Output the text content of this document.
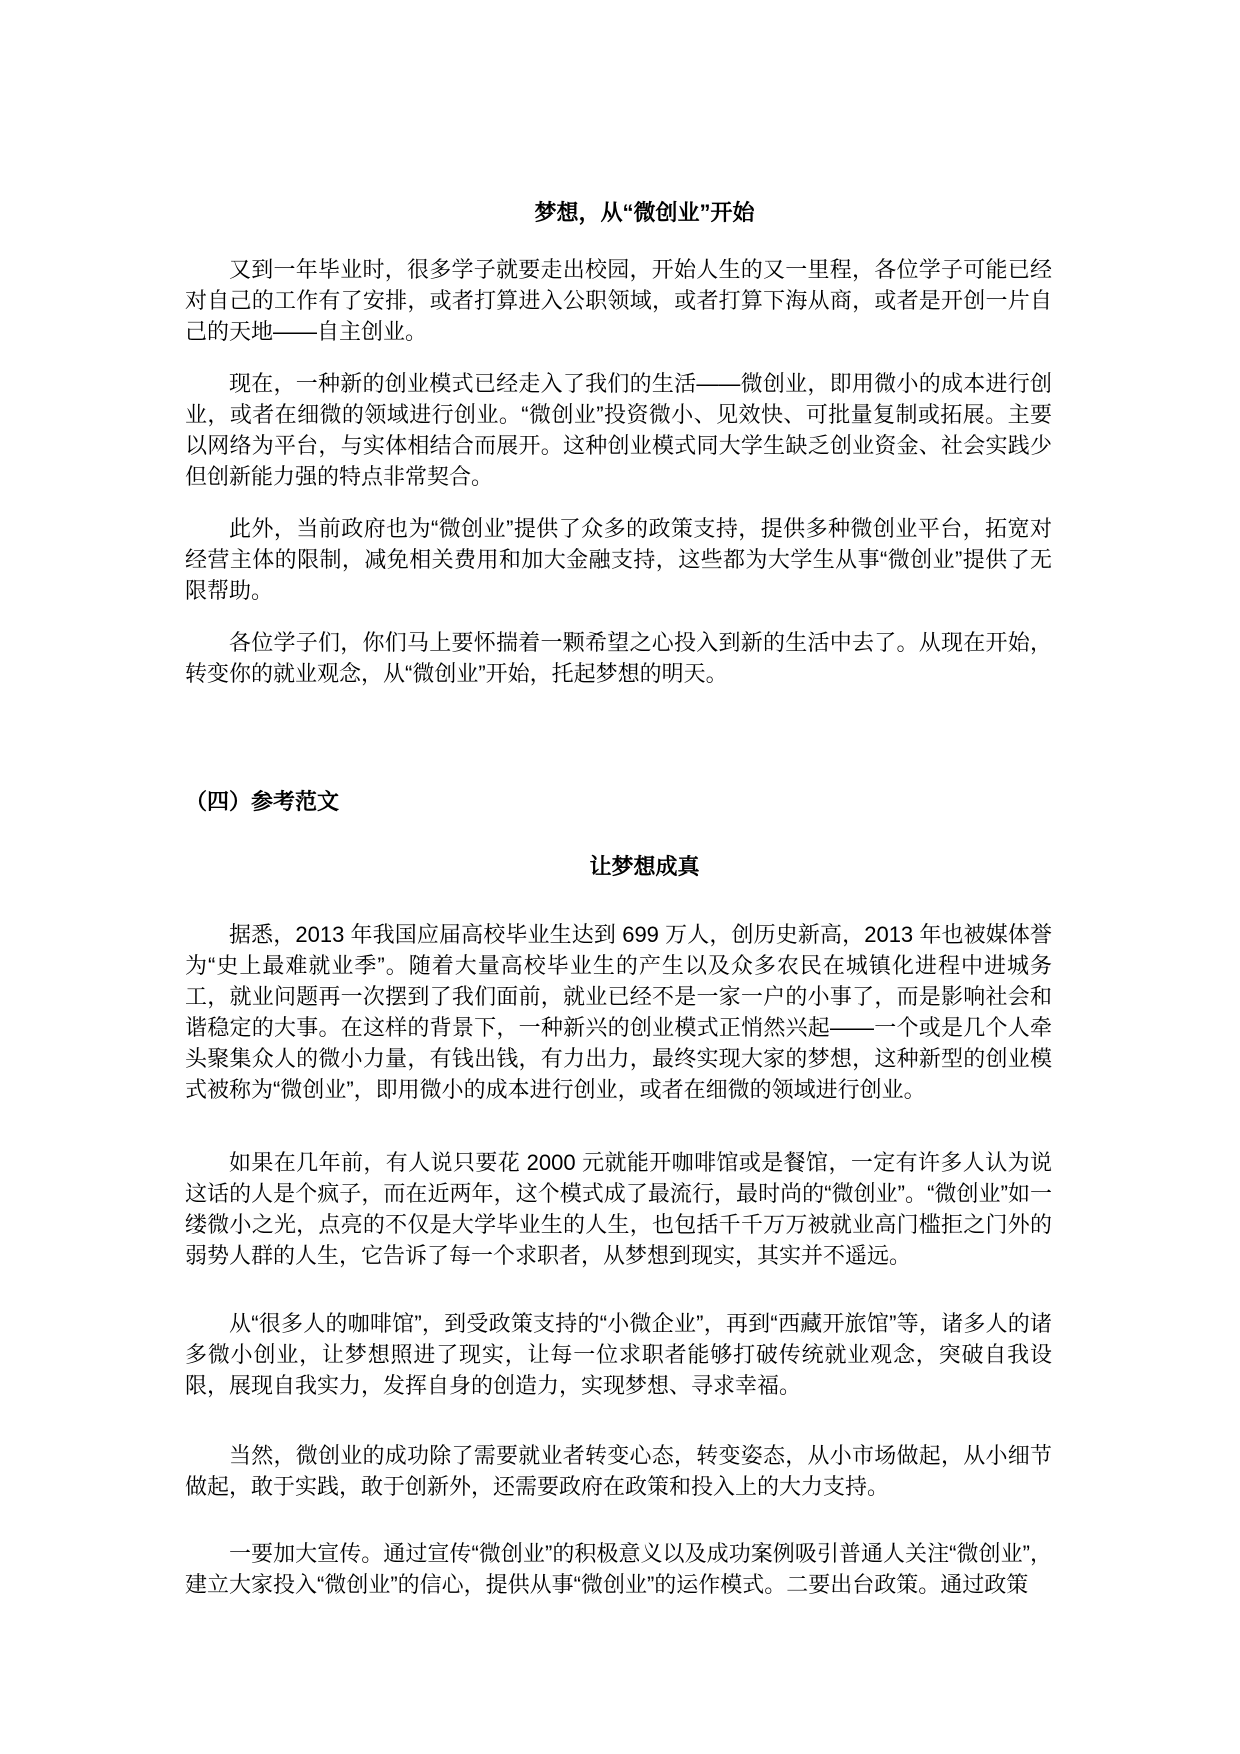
梦想，从“微创业”开始

又到一年毕业时，很多学子就要走出校园，开始人生的又一里程，各位学子可能已经对自己的工作有了安排，或者打算进入公职领域，或者打算下海从商，或者是开创一片自己的天地——自主创业。

现在，一种新的创业模式已经走入了我们的生活——微创业，即用微小的成本进行创业，或者在细微的领域进行创业。“微创业”投资微小、见效快、可批量复制或拓展。主要以网络为平台，与实体相结合而展开。这种创业模式同大学生缺乏创业资金、社会实践少但创新能力强的特点非常契合。

此外，当前政府也为“微创业”提供了众多的政策支持，提供多种微创业平台，拓宽对经营主体的限制，减免相关费用和加大金融支持，这些都为大学生从事“微创业”提供了无限帮助。

各位学子们，你们马上要怀揣着一颗希望之心投入到新的生活中去了。从现在开始，转变你的就业观念，从“微创业”开始，托起梦想的明天。

（四）参考范文
让梦想成真

据悉，2013 年我国应届高校毕业生达到 699 万人，创历史新高，2013 年也被媒体誉为“史上最难就业季”。随着大量高校毕业生的产生以及众多农民在城镇化进程中进城务工，就业问题再一次摆到了我们面前，就业已经不是一家一户的小事了，而是影响社会和谐稳定的大事。在这样的背景下，一种新兴的创业模式正悄然兴起——一个或是几个人牵头聚集众人的微小力量，有钱出钱，有力出力，最终实现大家的梦想，这种新型的创业模式被称为“微创业”，即用微小的成本进行创业，或者在细微的领域进行创业。

如果在几年前，有人说只要花 2000 元就能开咖啡馆或是餐馆，一定有许多人认为说这话的人是个疯子，而在近两年，这个模式成了最流行，最时尚的“微创业”。“微创业”如一缕微小之光，点亮的不仅是大学毕业生的人生，也包括千千万万被就业高门槛拒之门外的弱势人群的人生，它告诉了每一个求职者，从梦想到现实，其实并不遥远。

从“很多人的咖啡馆”，到受政策支持的“小微企业”，再到“西藏开旅馆”等，诸多人的诸多微小创业，让梦想照进了现实，让每一位求职者能够打破传统就业观念，突破自我设限，展现自我实力，发挥自身的创造力，实现梦想、寻求幸福。

当然，微创业的成功除了需要就业者转变心态，转变姿态，从小市场做起，从小细节做起，敢于实践，敢于创新外，还需要政府在政策和投入上的大力支持。

一要加大宣传。通过宣传“微创业”的积极意义以及成功案例吸引普通人关注“微创业”，建立大家投入“微创业”的信心，提供从事“微创业”的运作模式。二要出台政策。通过政策
